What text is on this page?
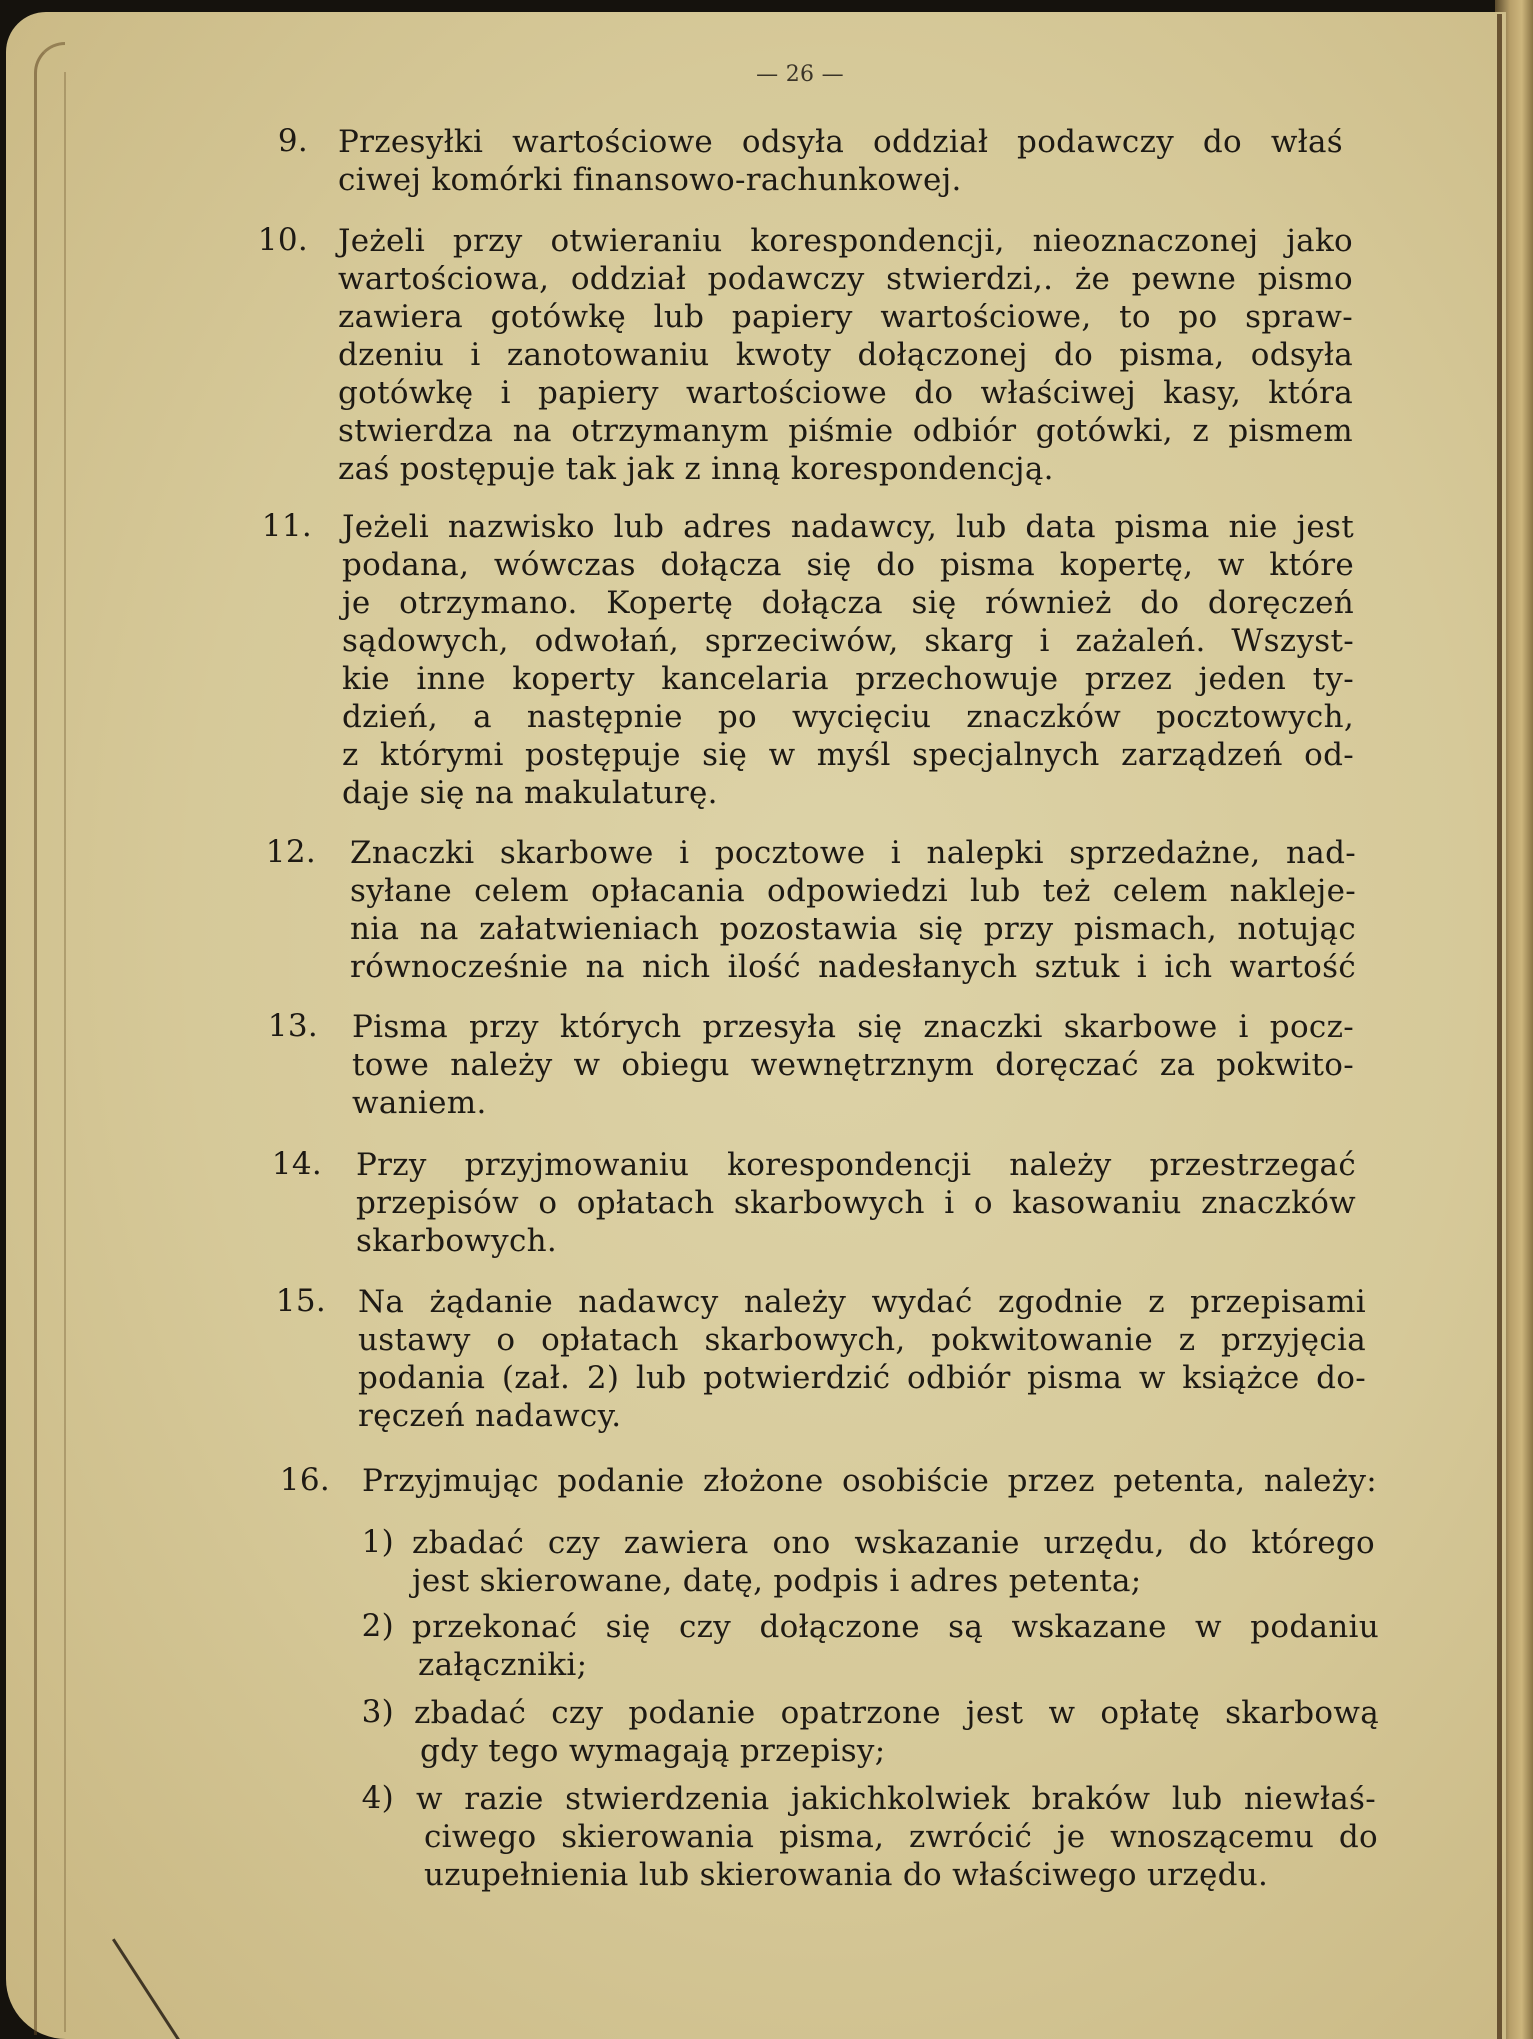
— 26 —
9. Przesyłki wartościowe odsyła oddział podawczy do właś
ciwej komórki finansowo-rachunkowej.
10. Jeżeli przy otwieraniu korespondencji, nieoznaczonej jako
wartościowa, oddział podawczy stwierdzi,. że pewne pismo
zawiera gotówkę lub papiery wartościowe, to po spraw-
dzeniu i zanotowaniu kwoty dołączonej do pisma, odsyła
gotówkę i papiery wartościowe do właściwej kasy, która
stwierdza na otrzymanym piśmie odbiór gotówki, z pismem
zaś postępuje tak jak z inną korespondencją.
11. Jeżeli nazwisko lub adres nadawcy, lub data pisma nie jest
podana, wówczas dołącza się do pisma kopertę, w które
je otrzymano. Kopertę dołącza się również do doręczeń
sądowych, odwołań, sprzeciwów, skarg i zażaleń. Wszyst-
kie inne koperty kancelaria przechowuje przez jeden ty-
dzień, a następnie po wycięciu znaczków pocztowych,
z którymi postępuje się w myśl specjalnych zarządzeń od-
daje się na makulaturę.
12. Znaczki skarbowe i pocztowe i nalepki sprzedażne, nad-
syłane celem opłacania odpowiedzi lub też celem nakleje-
nia na załatwieniach pozostawia się przy pismach, notując
równocześnie na nich ilość nadesłanych sztuk i ich wartość
13. Pisma przy których przesyła się znaczki skarbowe i pocz-
towe należy w obiegu wewnętrznym doręczać za pokwito-
waniem.
14. Przy przyjmowaniu korespondencji należy przestrzegać
przepisów o opłatach skarbowych i o kasowaniu znaczków
skarbowych.
15. Na żądanie nadawcy należy wydać zgodnie z przepisami
ustawy o opłatach skarbowych, pokwitowanie z przyjęcia
podania (zał. 2) lub potwierdzić odbiór pisma w książce do-
ręczeń nadawcy.
16. Przyjmując podanie złożone osobiście przez petenta, należy:
1) zbadać czy zawiera ono wskazanie urzędu, do którego
jest skierowane, datę, podpis i adres petenta;
2) przekonać się czy dołączone są wskazane w podaniu
załączniki;
3) zbadać czy podanie opatrzone jest w opłatę skarbową
gdy tego wymagają przepisy;
4) w razie stwierdzenia jakichkolwiek braków lub niewłaś-
ciwego skierowania pisma, zwrócić je wnoszącemu do
uzupełnienia lub skierowania do właściwego urzędu.
